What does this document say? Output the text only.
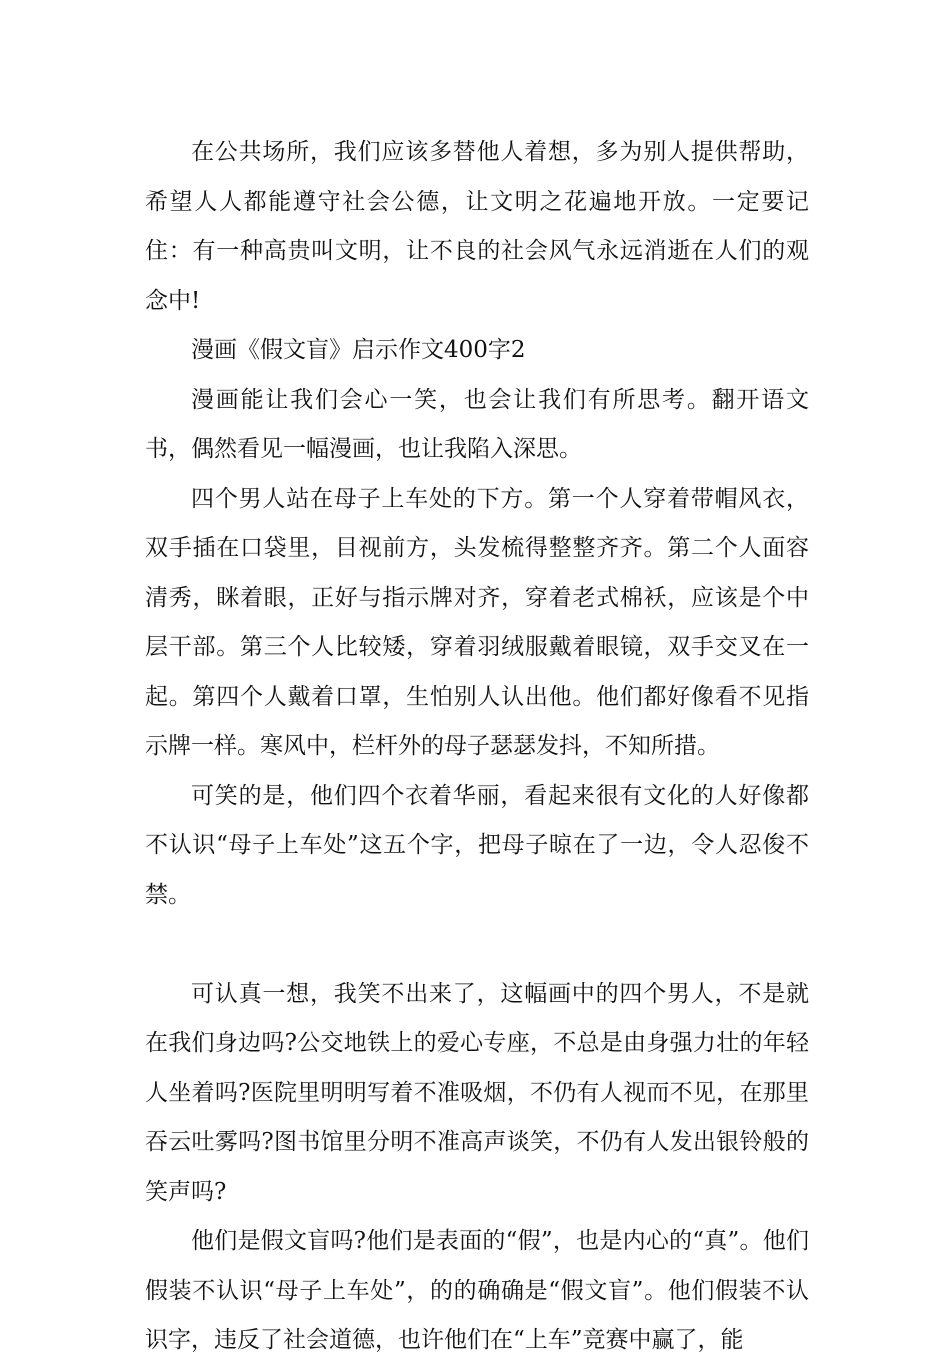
在公共场所，我们应该多替他人着想，多为别人提供帮助，希望人人都能遵守社会公德，让文明之花遍地开放。一定要记住：有一种高贵叫文明，让不良的社会风气永远消逝在人们的观念中!

漫画《假文盲》启示作文400字2

漫画能让我们会心一笑，也会让我们有所思考。翻开语文书，偶然看见一幅漫画，也让我陷入深思。

四个男人站在母子上车处的下方。第一个人穿着带帽风衣，双手插在口袋里，目视前方，头发梳得整整齐齐。第二个人面容清秀，眯着眼，正好与指示牌对齐，穿着老式棉袄，应该是个中层干部。第三个人比较矮，穿着羽绒服戴着眼镜，双手交叉在一起。第四个人戴着口罩，生怕别人认出他。他们都好像看不见指示牌一样。寒风中，栏杆外的母子瑟瑟发抖，不知所措。

可笑的是，他们四个衣着华丽，看起来很有文化的人好像都不认识“母子上车处”这五个字，把母子晾在了一边，令人忍俊不禁。

可认真一想，我笑不出来了，这幅画中的四个男人，不是就在我们身边吗?公交地铁上的爱心专座，不总是由身强力壮的年轻人坐着吗?医院里明明写着不准吸烟，不仍有人视而不见，在那里吞云吐雾吗?图书馆里分明不准高声谈笑，不仍有人发出银铃般的笑声吗?

他们是假文盲吗?他们是表面的“假”，也是内心的“真”。他们假装不认识“母子上车处”，的的确确是“假文盲”。他们假装不认识字，违反了社会道德，也许他们在“上车”竞赛中赢了，能
